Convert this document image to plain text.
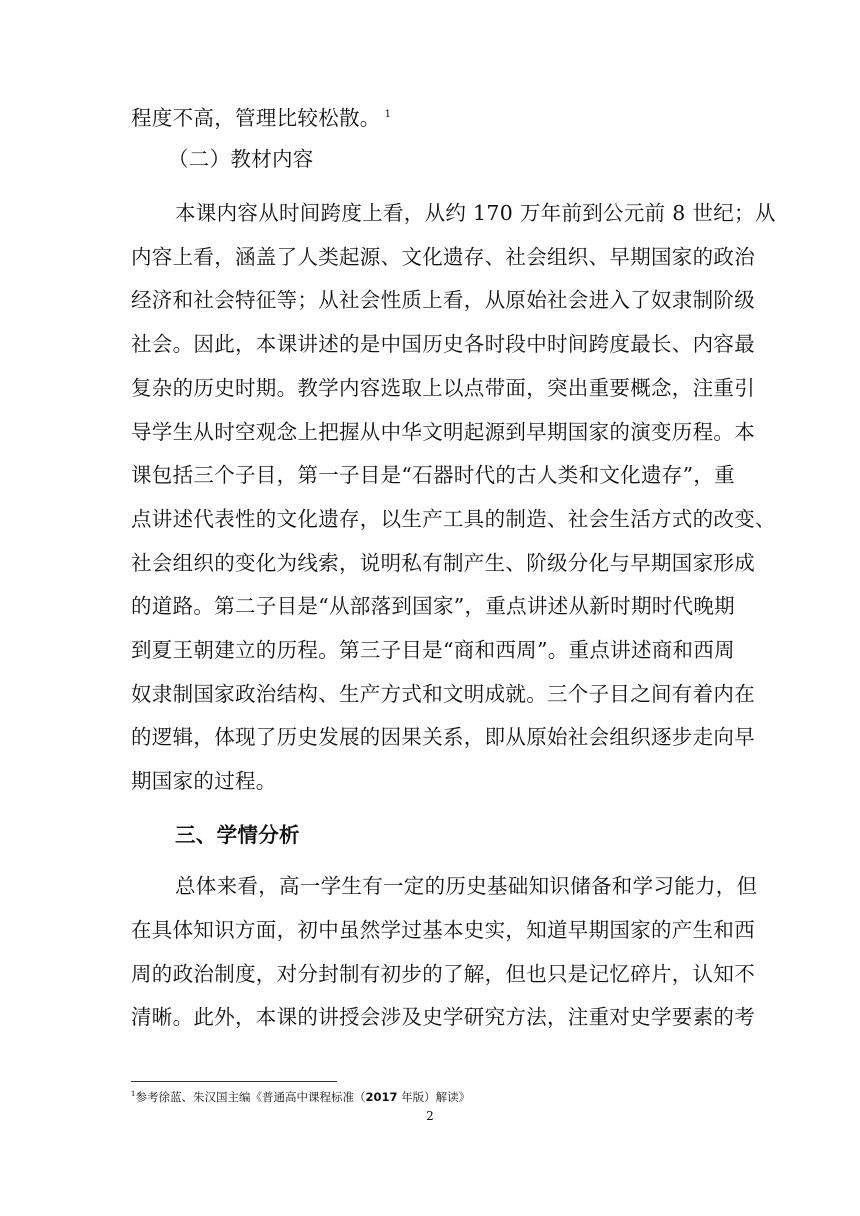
程度不高，管理比较松散。 $^1$
（二）教材内容
本课内容从时间跨度上看，从约 170 万年前到公元前 8 世纪；从
内容上看，涵盖了人类起源、文化遗存、社会组织、早期国家的政治
经济和社会特征等；从社会性质上看，从原始社会进入了奴隶制阶级
社会。因此，本课讲述的是中国历史各时段中时间跨度最长、内容最
复杂的历史时期。教学内容选取上以点带面，突出重要概念，注重引
导学生从时空观念上把握从中华文明起源到早期国家的演变历程。本
课包括三个子目，第一子目是“石器时代的古人类和文化遗存”，重
点讲述代表性的文化遗存，以生产工具的制造、社会生活方式的改变、
社会组织的变化为线索，说明私有制产生、阶级分化与早期国家形成
的道路。第二子目是“从部落到国家”，重点讲述从新时期时代晚期
到夏王朝建立的历程。第三子目是“商和西周”。重点讲述商和西周
奴隶制国家政治结构、生产方式和文明成就。三个子目之间有着内在
的逻辑，体现了历史发展的因果关系，即从原始社会组织逐步走向早
期国家的过程。
三、学情分析
总体来看，高一学生有一定的历史基础知识储备和学习能力，但
在具体知识方面，初中虽然学过基本史实，知道早期国家的产生和西
周的政治制度，对分封制有初步的了解，但也只是记忆碎片，认知不
清晰。此外，本课的讲授会涉及史学研究方法，注重对史学要素的考
$^1$参考徐蓝、朱汉国主编《普通高中课程标准（2017 年版）解读》
2
